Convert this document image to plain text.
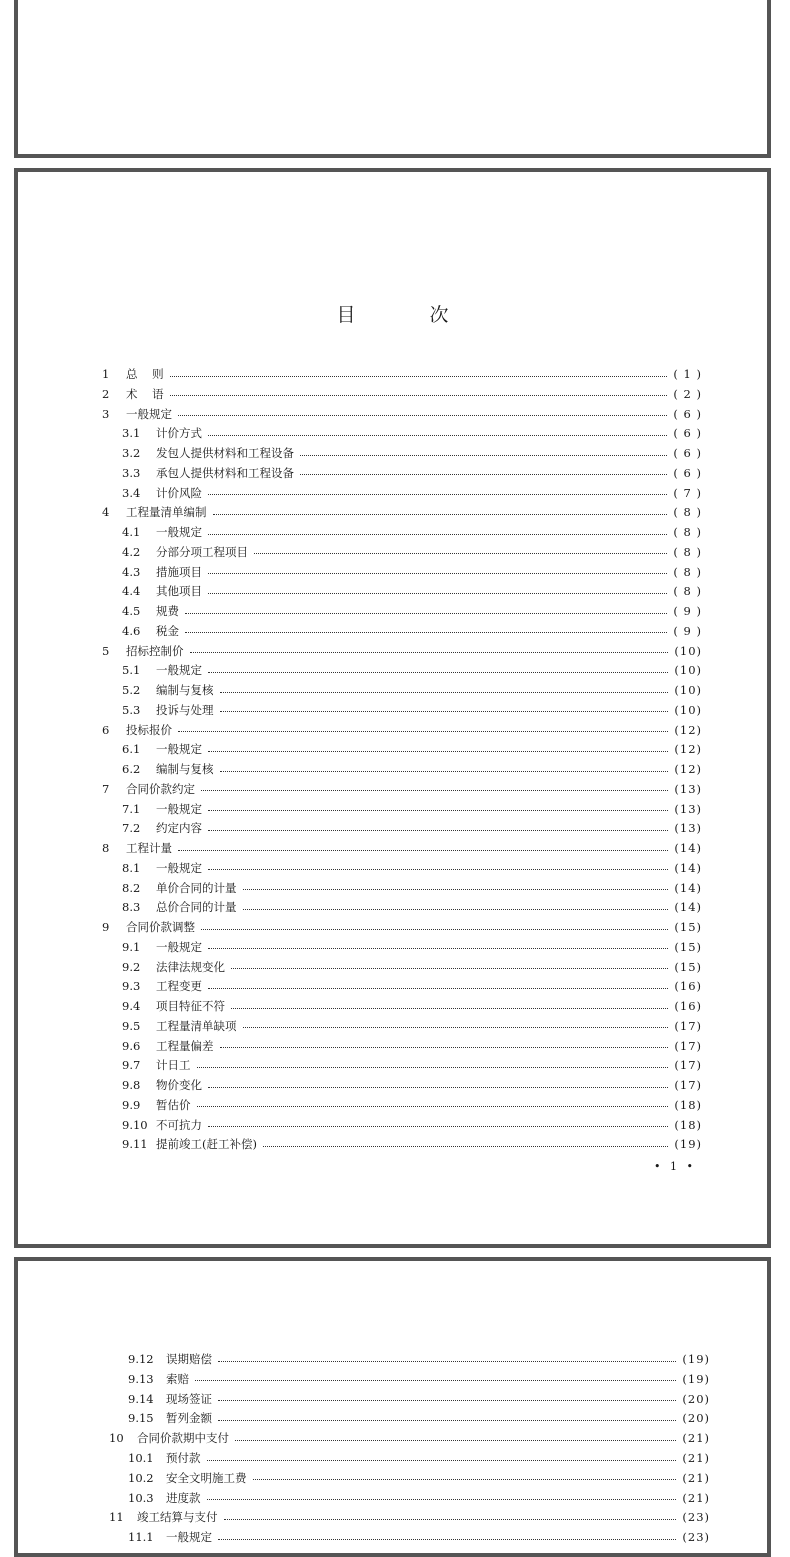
目 次
1	总    则	( 1 )
2	术    语	( 2 )
3	一般规定	( 6 )
3.1	计价方式	( 6 )
3.2	发包人提供材料和工程设备	( 6 )
3.3	承包人提供材料和工程设备	( 6 )
3.4	计价风险	( 7 )
4	工程量清单编制	( 8 )
4.1	一般规定	( 8 )
4.2	分部分项工程项目	( 8 )
4.3	措施项目	( 8 )
4.4	其他项目	( 8 )
4.5	规费	( 9 )
4.6	税金	( 9 )
5	招标控制价	(10)
5.1	一般规定	(10)
5.2	编制与复核	(10)
5.3	投诉与处理	(10)
6	投标报价	(12)
6.1	一般规定	(12)
6.2	编制与复核	(12)
7	合同价款约定	(13)
7.1	一般规定	(13)
7.2	约定内容	(13)
8	工程计量	(14)
8.1	一般规定	(14)
8.2	单价合同的计量	(14)
8.3	总价合同的计量	(14)
9	合同价款调整	(15)
9.1	一般规定	(15)
9.2	法律法规变化	(15)
9.3	工程变更	(16)
9.4	项目特征不符	(16)
9.5	工程量清单缺项	(17)
9.6	工程量偏差	(17)
9.7	计日工	(17)
9.8	物价变化	(17)
9.9	暂估价	(18)
9.10 不可抗力	(18)
9.11 提前竣工(赶工补偿)	(19)
• 1 •
9.12	误期赔偿	(19)
9.13	索赔	(19)
9.14	现场签证	(20)
9.15	暂列金额	(20)
10	合同价款期中支付	(21)
10.1	预付款	(21)
10.2	安全文明施工费	(21)
10.3	进度款	(21)
11	竣工结算与支付	(23)
11.1	一般规定	(23)
